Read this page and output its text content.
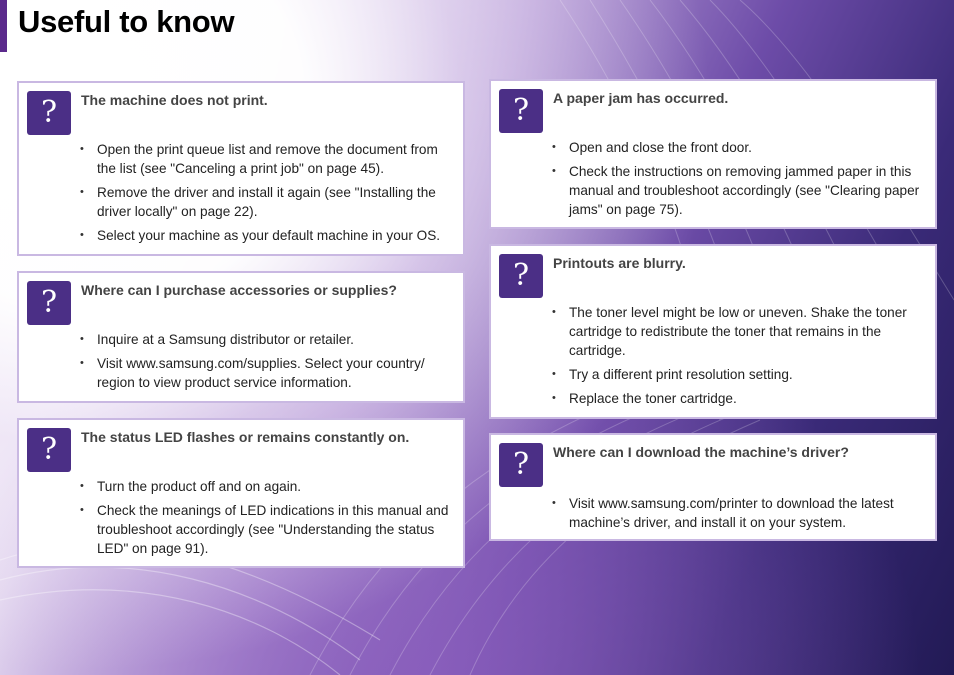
Useful to know
?	The machine does not print.
• Open the print queue list and remove the document from the list (see "Canceling a print job" on page 45).
• Remove the driver and install it again (see "Installing the driver locally" on page 22).
• Select your machine as your default machine in your OS.
?	Where can I purchase accessories or supplies?
• Inquire at a Samsung distributor or retailer.
• Visit www.samsung.com/supplies. Select your country/ region to view product service information.
?	The status LED flashes or remains constantly on.
• Turn the product off and on again.
• Check the meanings of LED indications in this manual and troubleshoot accordingly (see "Understanding the status LED" on page 91).
?	A paper jam has occurred.
• Open and close the front door.
• Check the instructions on removing jammed paper in this manual and troubleshoot accordingly (see "Clearing paper jams" on page 75).
?	Printouts are blurry.
• The toner level might be low or uneven. Shake the toner cartridge to redistribute the toner that remains in the cartridge.
• Try a different print resolution setting.
• Replace the toner cartridge.
?	Where can I download the machine’s driver?
• Visit www.samsung.com/printer to download the latest machine’s driver, and install it on your system.
